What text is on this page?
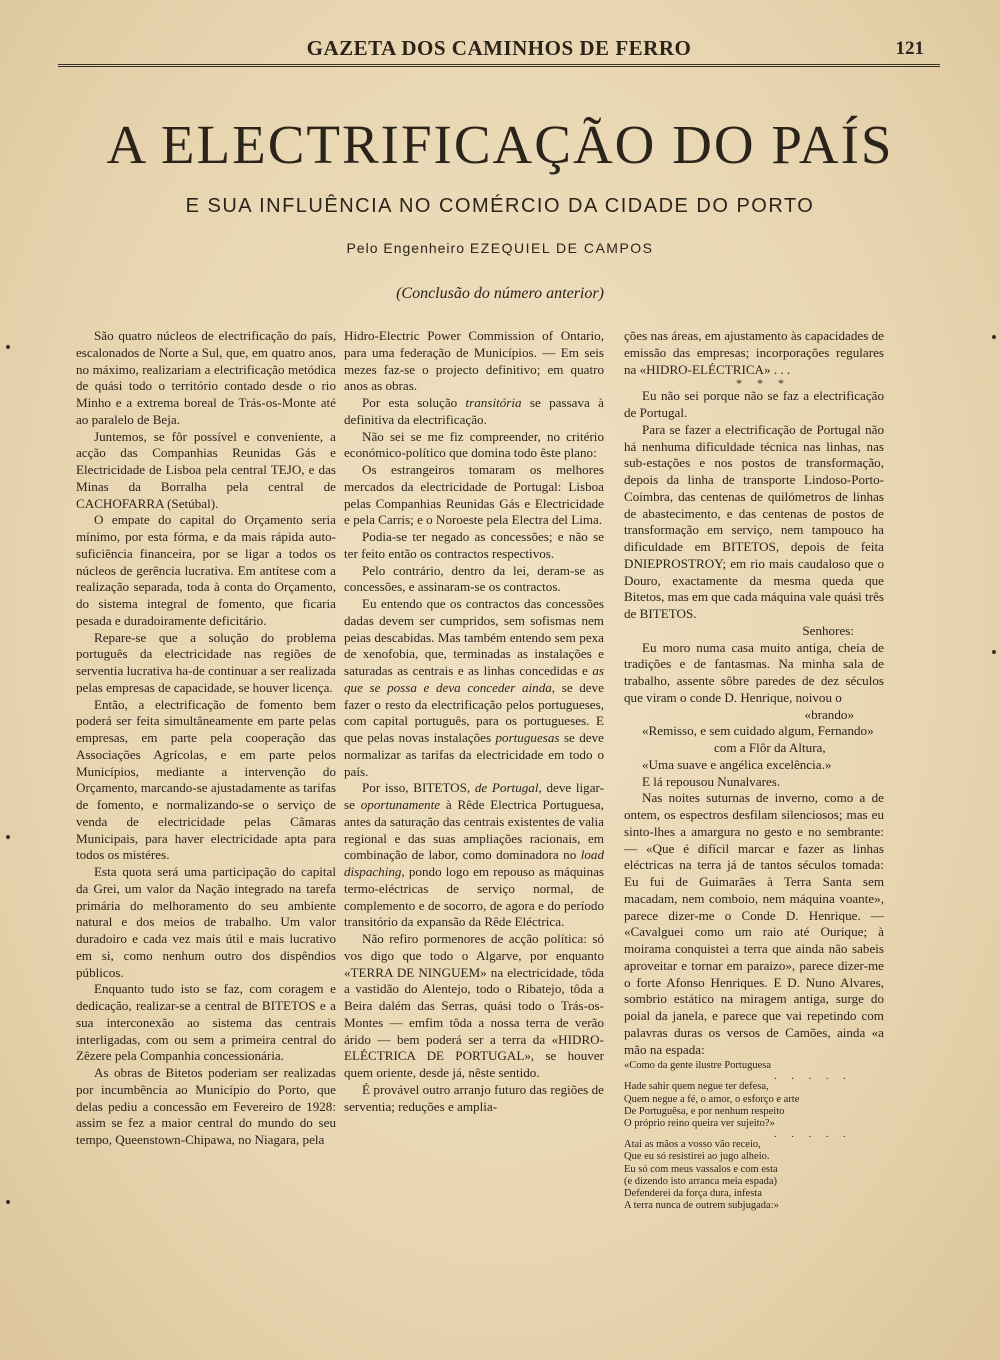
GAZETA DOS CAMINHOS DE FERRO	121
A ELECTRIFICAÇÃO DO PAÍS
E SUA INFLUÊNCIA NO COMÉRCIO DA CIDADE DO PORTO
Pelo Engenheiro EZEQUIEL DE CAMPOS
(Conclusão do número anterior)

São quatro núcleos de electrificação do país, escalonados de Norte a Sul, que, em quatro anos, no máximo, realizariam a electrificação metódica de quási todo o território contado desde o rio Minho e a extrema boreal de Trás-os-Monte até ao paralelo de Beja.

Juntemos, se fôr possível e conveniente, a acção das Companhias Reunidas Gás e Electricidade de Lisboa pela central TEJO, e das Minas da Borralha pela central de CACHOFARRA (Setúbal).

O empate do capital do Orçamento seria mínimo, por esta fórma, e da mais rápida auto-suficiência financeira, por se ligar a todos os núcleos de gerência lucrativa. Em antítese com a realização separada, toda à conta do Orçamento, do sistema integral de fomento, que ficaria pesada e duradoiramente deficitário.

Repare-se que a solução do problema português da electricidade nas regiões de serventia lucrativa ha-de continuar a ser realizada pelas empresas de capacidade, se houver licença.

Então, a electrificação de fomento bem poderá ser feita simultâneamente em parte pelas empresas, em parte pela cooperação das Associações Agrícolas, e em parte pelos Municípios, mediante a intervenção do Orçamento, marcando-se ajustadamente as tarifas de fomento, e normalizando-se o serviço de venda de electricidade pelas Câmaras Municipais, para haver electricidade apta para todos os mistéres.

Esta quota será uma participação do capital da Grei, um valor da Nação integrado na tarefa primária do melhoramento do seu ambiente natural e dos meios de trabalho. Um valor duradoiro e cada vez mais útil e mais lucrativo em si, como nenhum outro dos dispêndios públicos.

Enquanto tudo isto se faz, com coragem e dedicação, realizar-se a central de BITETOS e a sua interconexão ao sistema das centrais interligadas, com ou sem a primeira central do Zêzere pela Companhia concessionária.

As obras de Bitetos poderiam ser realizadas por incumbência ao Município do Porto, que delas pediu a concessão em Fevereiro de 1928: assim se fez a maior central do mundo do seu tempo, Queenstown-Chipawa, no Niagara, pela

Hidro-Electric Power Commission of Ontario, para uma federação de Municípios. — Em seis mezes faz-se o projecto definitivo; em quatro anos as obras.

Por esta solução transitória se passava à definitiva da electrificação.

Não sei se me fiz compreender, no critério económico-político que domina todo êste plano:

Os estrangeiros tomaram os melhores mercados da electricidade de Portugal: Lisboa pelas Companhias Reunidas Gás e Electricidade e pela Carris; e o Noroeste pela Electra del Lima.

Podia-se ter negado as concessões; e não se ter feito então os contractos respectivos.

Pelo contrário, dentro da lei, deram-se as concessões, e assinaram-se os contractos.

Eu entendo que os contractos das concessões dadas devem ser cumpridos, sem sofismas nem peias descabidas. Mas também entendo sem pexa de xenofobia, que, terminadas as instalações e saturadas as centrais e as linhas concedidas e as que se possa e deva conceder ainda, se deve fazer o resto da electrificação pelos portugueses, com capital português, para os portugueses. E que pelas novas instalações portuguesas se deve normalizar as tarifas da electricidade em todo o país.

Por isso, BITETOS, de Portugal, deve ligar-se oportunamente à Rêde Electrica Portuguesa, antes da saturação das centrais existentes de valia regional e das suas ampliações racionais, em combinação de labor, como dominadora no load dispaching, pondo logo em repouso as máquinas termo-eléctricas de serviço normal, de complemento e de socorro, de agora e do período transitório da expansão da Rêde Eléctrica.

Não refiro pormenores de acção política: só vos digo que todo o Algarve, por enquanto «TERRA DE NINGUEM» na electricidade, tôda a vastidão do Alentejo, todo o Ribatejo, tôda a Beira dalém das Serras, quási todo o Trás-os-Montes — emfim tôda a nossa terra de verão árido — bem poderá ser a terra da «HIDRO-ELÉCTRICA DE PORTUGAL», se houver quem oriente, desde já, nêste sentido.

É provável outro arranjo futuro das regiões de serventia; reduções e amplia-

ções nas áreas, em ajustamento às capacidades de emissão das empresas; incorporações regulares na «HIDRO-ELÉCTRICA» . . .

* * *

Eu não sei porque não se faz a electrificação de Portugal.

Para se fazer a electrificação de Portugal não há nenhuma dificuldade técnica nas linhas, nas sub-estações e nos postos de transformação, depois da linha de transporte Lindoso-Porto-Coimbra, das centenas de quilómetros de linhas de abastecimento, e das centenas de postos de transformação em serviço, nem tampouco ha dificuldade em BITETOS, depois de feita DNIEPROSTROY; em rio mais caudaloso que o Douro, exactamente da mesma queda que Bitetos, mas em que cada máquina vale quási três de BITETOS.

Senhores:

Eu moro numa casa muito antiga, cheia de tradições e de fantasmas. Na minha sala de trabalho, assente sôbre paredes de dez séculos que viram o conde D. Henrique, noivou o

«brando»

«Remisso, e sem cuidado algum, Fernando»

com a Flôr da Altura,

«Uma suave e angélica excelência.»

E lá repousou Nunalvares.

Nas noites suturnas de inverno, como a de ontem, os espectros desfilam silenciosos; mas eu sinto-lhes a amargura no gesto e no sembrante: — «Que é difícil marcar e fazer as linhas eléctricas na terra já de tantos séculos tomada: Eu fui de Guimarães à Terra Santa sem macadam, nem comboio, nem máquina voante», parece dizer-me o Conde D. Henrique. — «Cavalguei como um raio até Ourique; à moirama conquistei a terra que ainda não sabeis aproveitar e tornar em paraizo», parece dizer-me o forte Afonso Henriques. E D. Nuno Alvares, sombrio estático na miragem antiga, surge do poial da janela, e parece que vai repetindo com palavras duras os versos de Camões, ainda «a mão na espada:

«Como da gente ilustre Portuguesa

. . . . .

Hade sahir quem negue ter defesa,

Quem negue a fé, o amor, o esforço e arte

De Portuguêsa, e por nenhum respeito

O próprio reino queira ver sujeito?»

. . . . .

Atai as mãos a vosso vão receio,

Que eu só resistirei ao jugo alheio.

Eu só com meus vassalos e com esta

(e dizendo isto arranca meia espada)

Defenderei da força dura, infesta

A terra nunca de outrem subjugada:»
